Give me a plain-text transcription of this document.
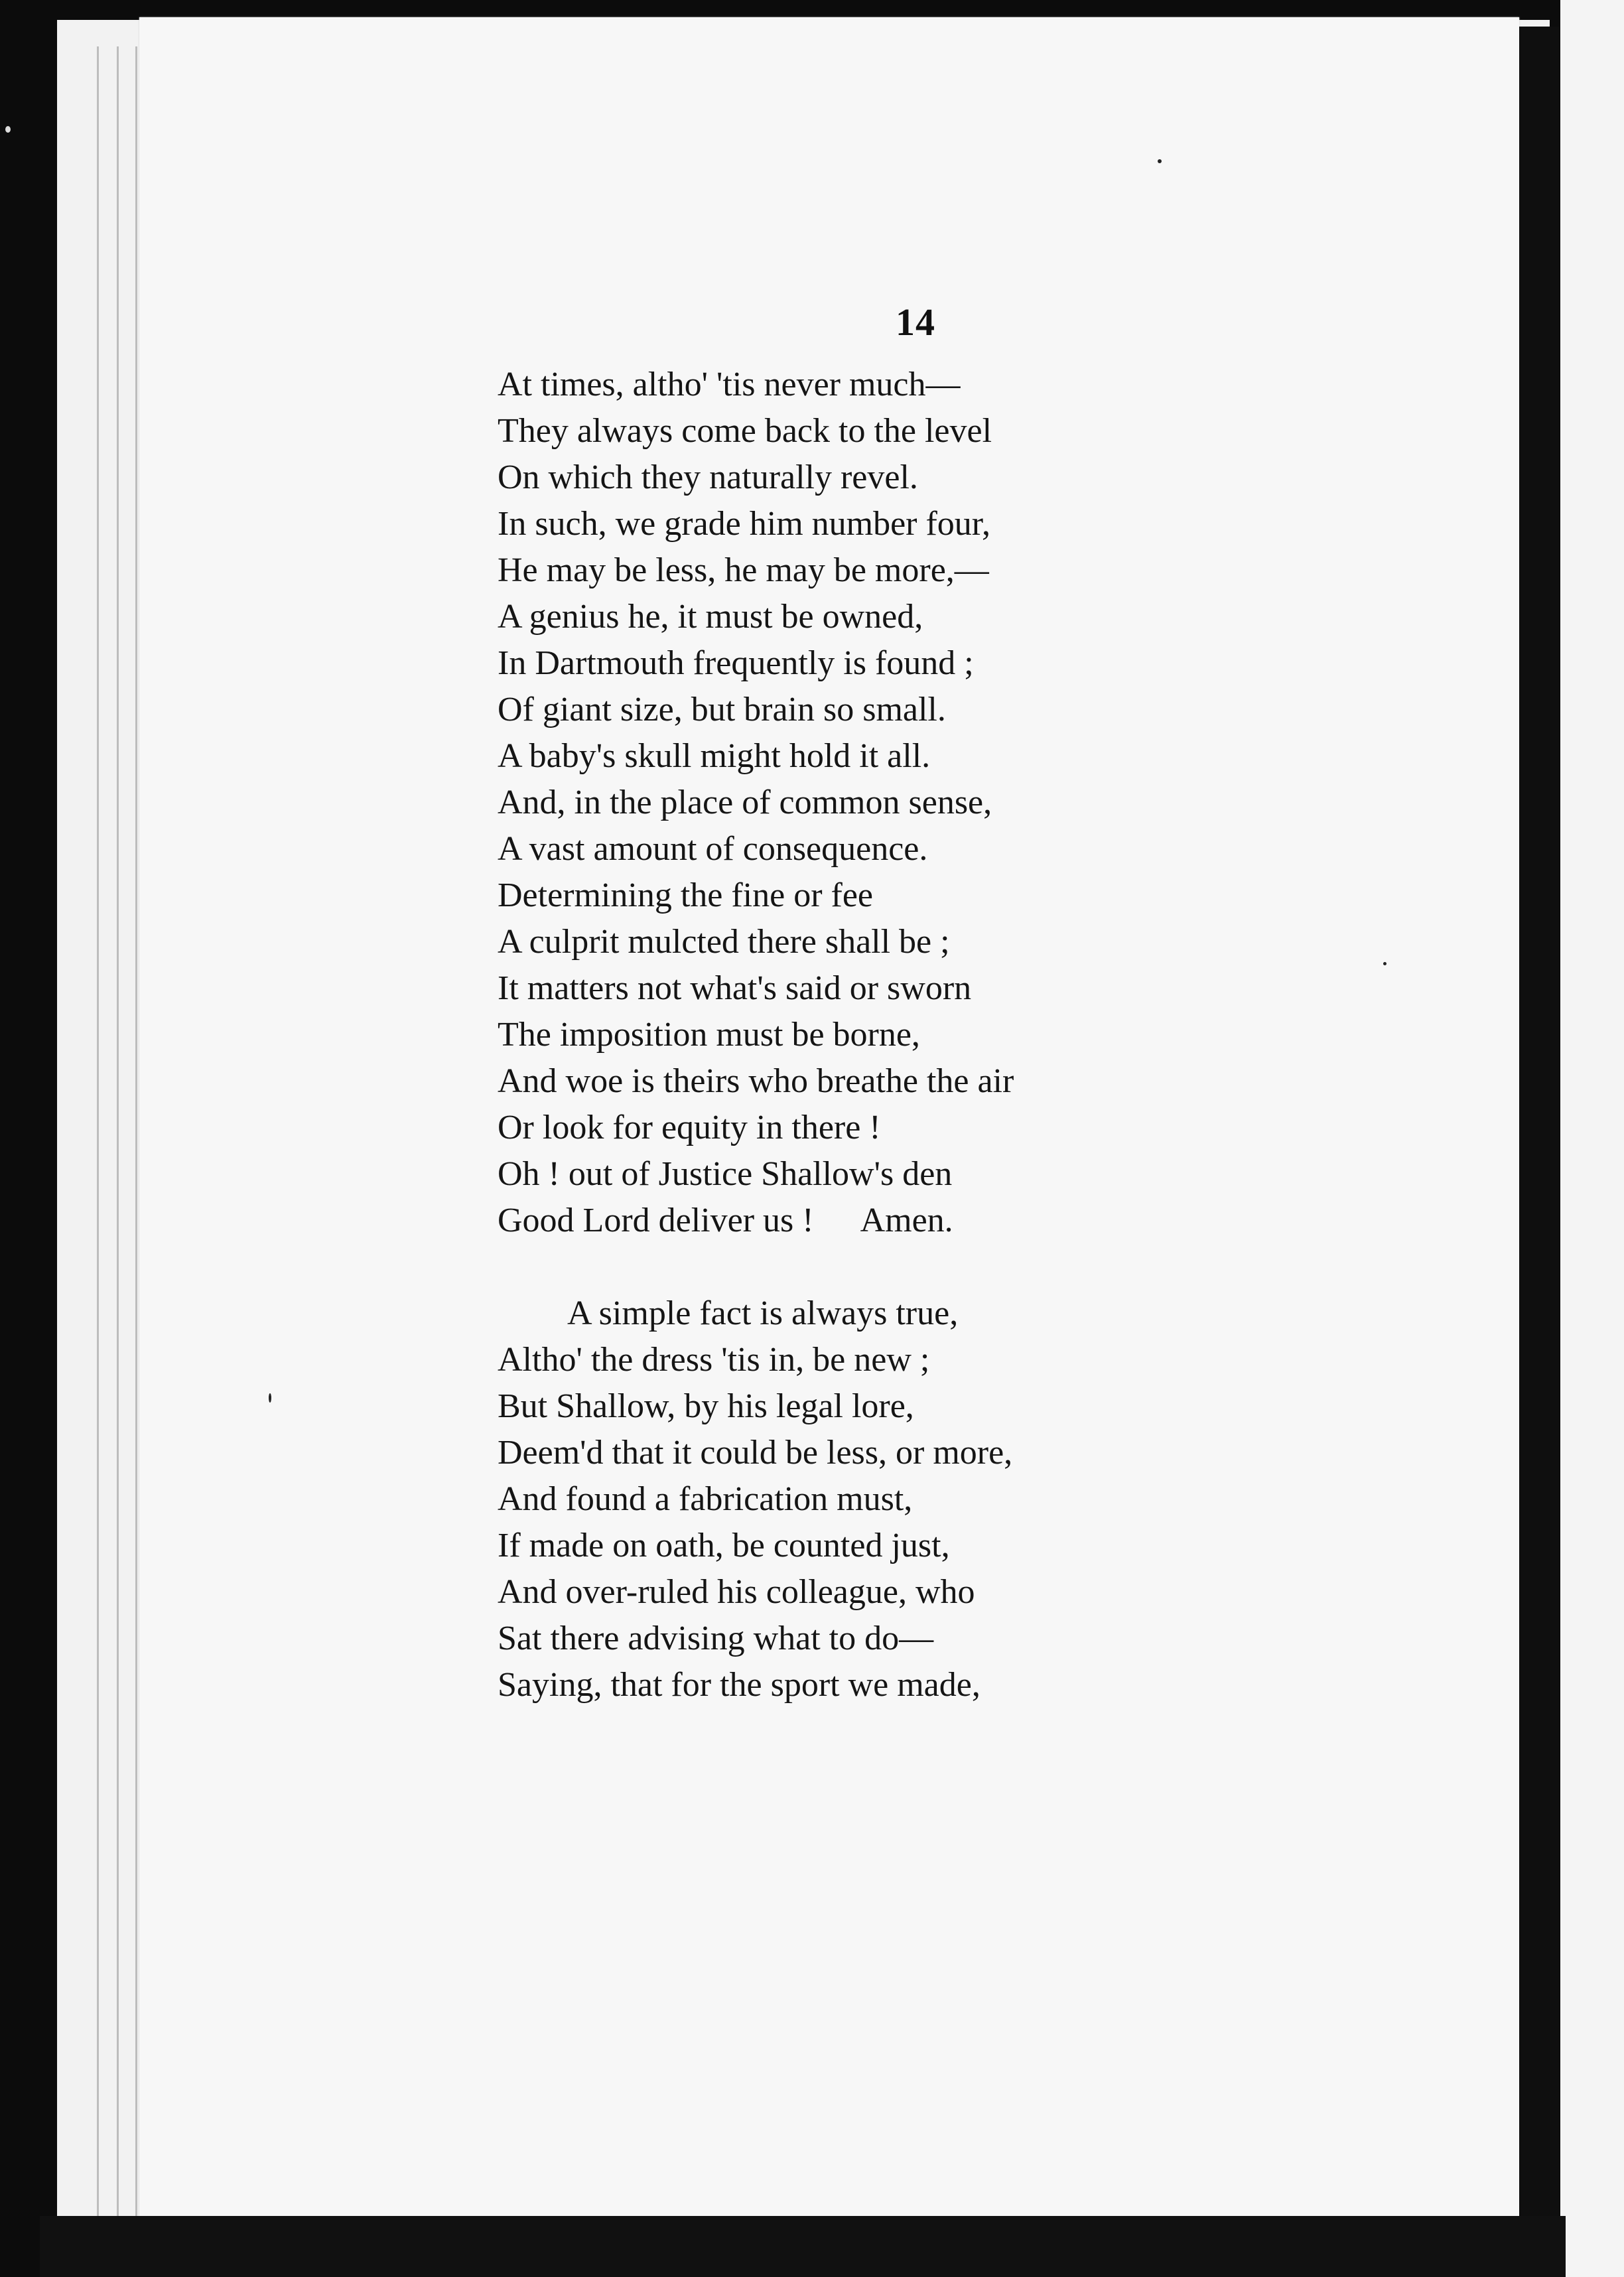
14
At times, altho' 'tis never much—
They always come back to the level
On which they naturally revel.
In such, we grade him number four,
He may be less, he may be more,—
A genius he, it must be owned,
In Dartmouth frequently is found ;
Of giant size, but brain so small.
A baby's skull might hold it all.
And, in the place of common sense,
A vast amount of consequence.
Determining the fine or fee
A culprit mulcted there shall be ;
It matters not what's said or sworn
The imposition must be borne,
And woe is theirs who breathe the air
Or look for equity in there !
Oh ! out of Justice Shallow's den
Good Lord deliver us ! Amen.
A simple fact is always true,
Altho' the dress 'tis in, be new ;
But Shallow, by his legal lore,
Deem'd that it could be less, or more,
And found a fabrication must,
If made on oath, be counted just,
And over-ruled his colleague, who
Sat there advising what to do—
Saying, that for the sport we made,
